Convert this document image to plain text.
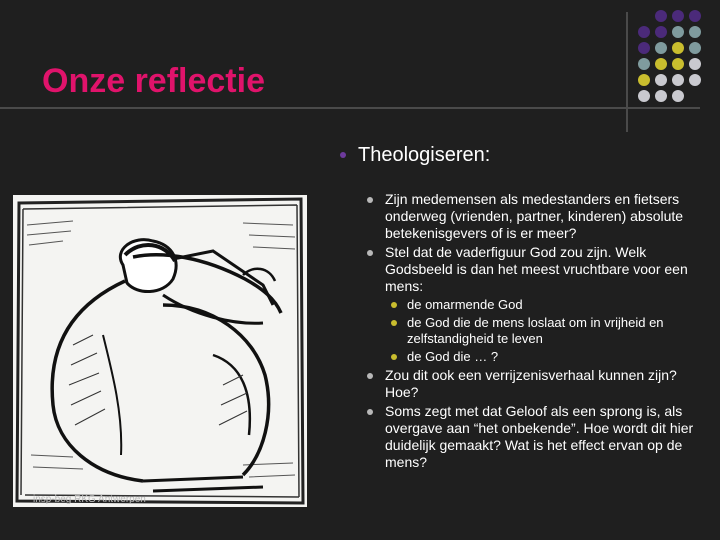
Onze reflectie
insp-beg RKG Antwerpen
Theologiseren:
Zijn medemensen als medestanders en fietsers onderweg (vrienden, partner, kinderen) absolute betekenisgevers of is er meer?
Stel dat de vaderfiguur God zou zijn. Welk Godsbeeld is dan het meest vruchtbare voor een mens:
de omarmende God
de God die de mens loslaat om in vrijheid en zelfstandigheid te leven
de God die … ?
Zou dit ook een verrijzenisverhaal kunnen zijn? Hoe?
Soms zegt met dat Geloof als een sprong is, als overgave aan “het onbekende”. Hoe wordt dit hier duidelijk gemaakt? Wat is het effect ervan op de mens?
